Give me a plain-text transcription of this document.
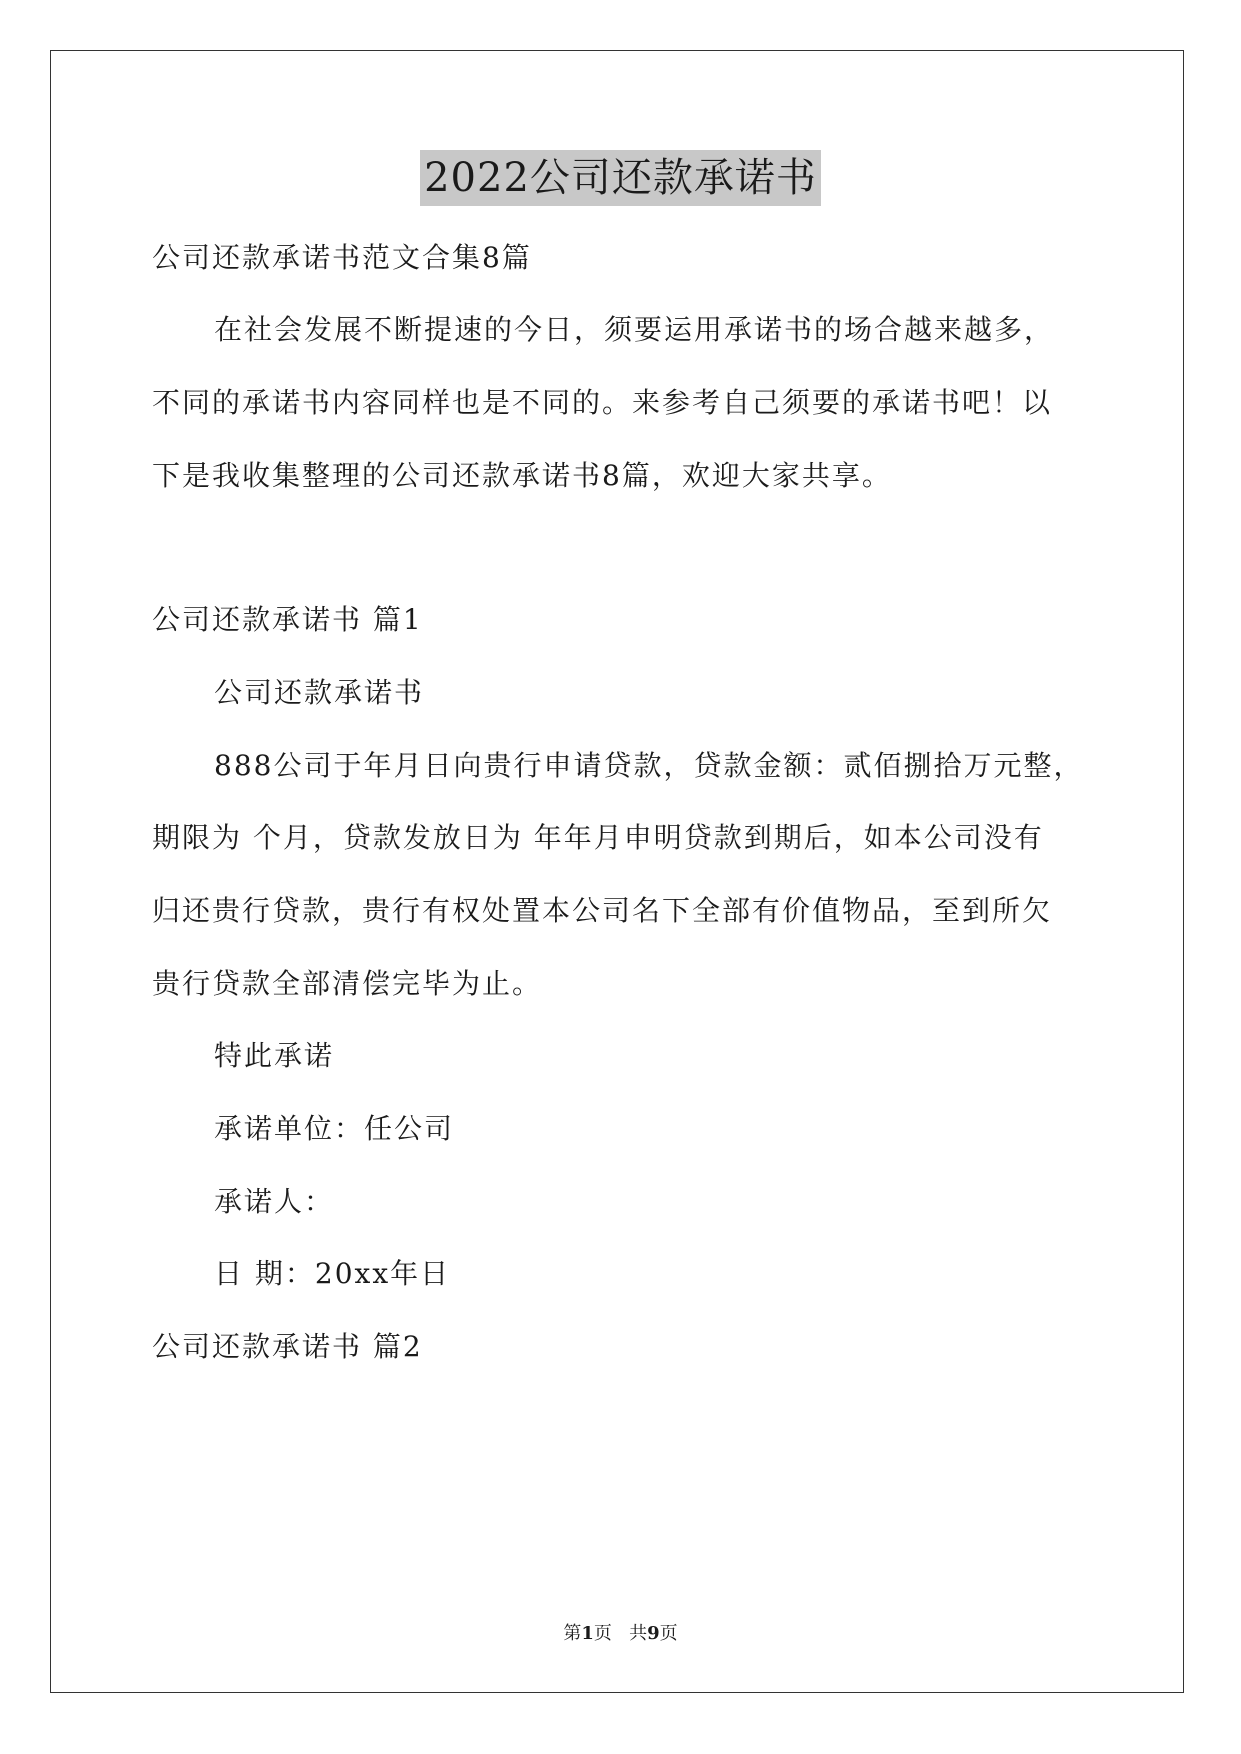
2022公司还款承诺书
公司还款承诺书范文合集8篇
在社会发展不断提速的今日，须要运用承诺书的场合越来越多，
不同的承诺书内容同样也是不同的。来参考自己须要的承诺书吧！以
下是我收集整理的公司还款承诺书8篇，欢迎大家共享。
公司还款承诺书 篇1
公司还款承诺书
888公司于年月日向贵行申请贷款，贷款金额：贰佰捌拾万元整，
期限为 个月，贷款发放日为 年年月申明贷款到期后，如本公司没有
归还贵行贷款，贵行有权处置本公司名下全部有价值物品，至到所欠
贵行贷款全部清偿完毕为止。
特此承诺
承诺单位：任公司
承诺人：
日 期：20xx年日
公司还款承诺书 篇2
第1页   共9页
